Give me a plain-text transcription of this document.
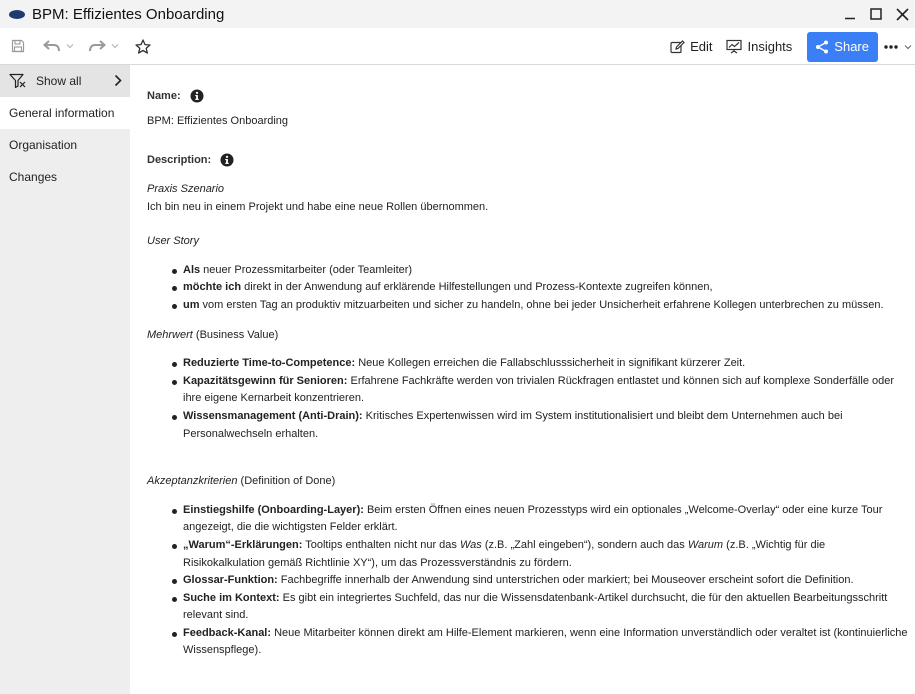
BPM: Effizientes Onboarding
Edit	Insights	Share
Show all
General information
Organisation
Changes
Name:
BPM: Effizientes Onboarding
Description:

Praxis Szenario

Ich bin neu in einem Projekt und habe eine neue Rollen übernommen.

User Story

Als neuer Prozessmitarbeiter (oder Teamleiter)
möchte ich direkt in der Anwendung auf erklärende Hilfestellungen und Prozess-Kontexte zugreifen können,
um vom ersten Tag an produktiv mitzuarbeiten und sicher zu handeln, ohne bei jeder Unsicherheit erfahrene Kollegen unterbrechen zu müssen.

Mehrwert (Business Value)

Reduzierte Time-to-Competence: Neue Kollegen erreichen die Fallabschlusssicherheit in signifikant kürzerer Zeit.
Kapazitätsgewinn für Senioren: Erfahrene Fachkräfte werden von trivialen Rückfragen entlastet und können sich auf komplexe Sonderfälle oder ihre eigene Kernarbeit konzentrieren.
Wissensmanagement (Anti-Drain): Kritisches Expertenwissen wird im System institutionalisiert und bleibt dem Unternehmen auch bei Personalwechseln erhalten.

Akzeptanzkriterien (Definition of Done)

Einstiegshilfe (Onboarding-Layer): Beim ersten Öffnen eines neuen Prozesstyps wird ein optionales „Welcome-Overlay“ oder eine kurze Tour angezeigt, die die wichtigsten Felder erklärt.
„Warum“-Erklärungen: Tooltips enthalten nicht nur das Was (z.B. „Zahl eingeben“), sondern auch das Warum (z.B. „Wichtig für die Risikokalkulation gemäß Richtlinie XY“), um das Prozessverständnis zu fördern.
Glossar-Funktion: Fachbegriffe innerhalb der Anwendung sind unterstrichen oder markiert; bei Mouseover erscheint sofort die Definition.
Suche im Kontext: Es gibt ein integriertes Suchfeld, das nur die Wissensdatenbank-Artikel durchsucht, die für den aktuellen Bearbeitungsschritt relevant sind.
Feedback-Kanal: Neue Mitarbeiter können direkt am Hilfe-Element markieren, wenn eine Information unverständlich oder veraltet ist (kontinuierliche Wissenspflege).
